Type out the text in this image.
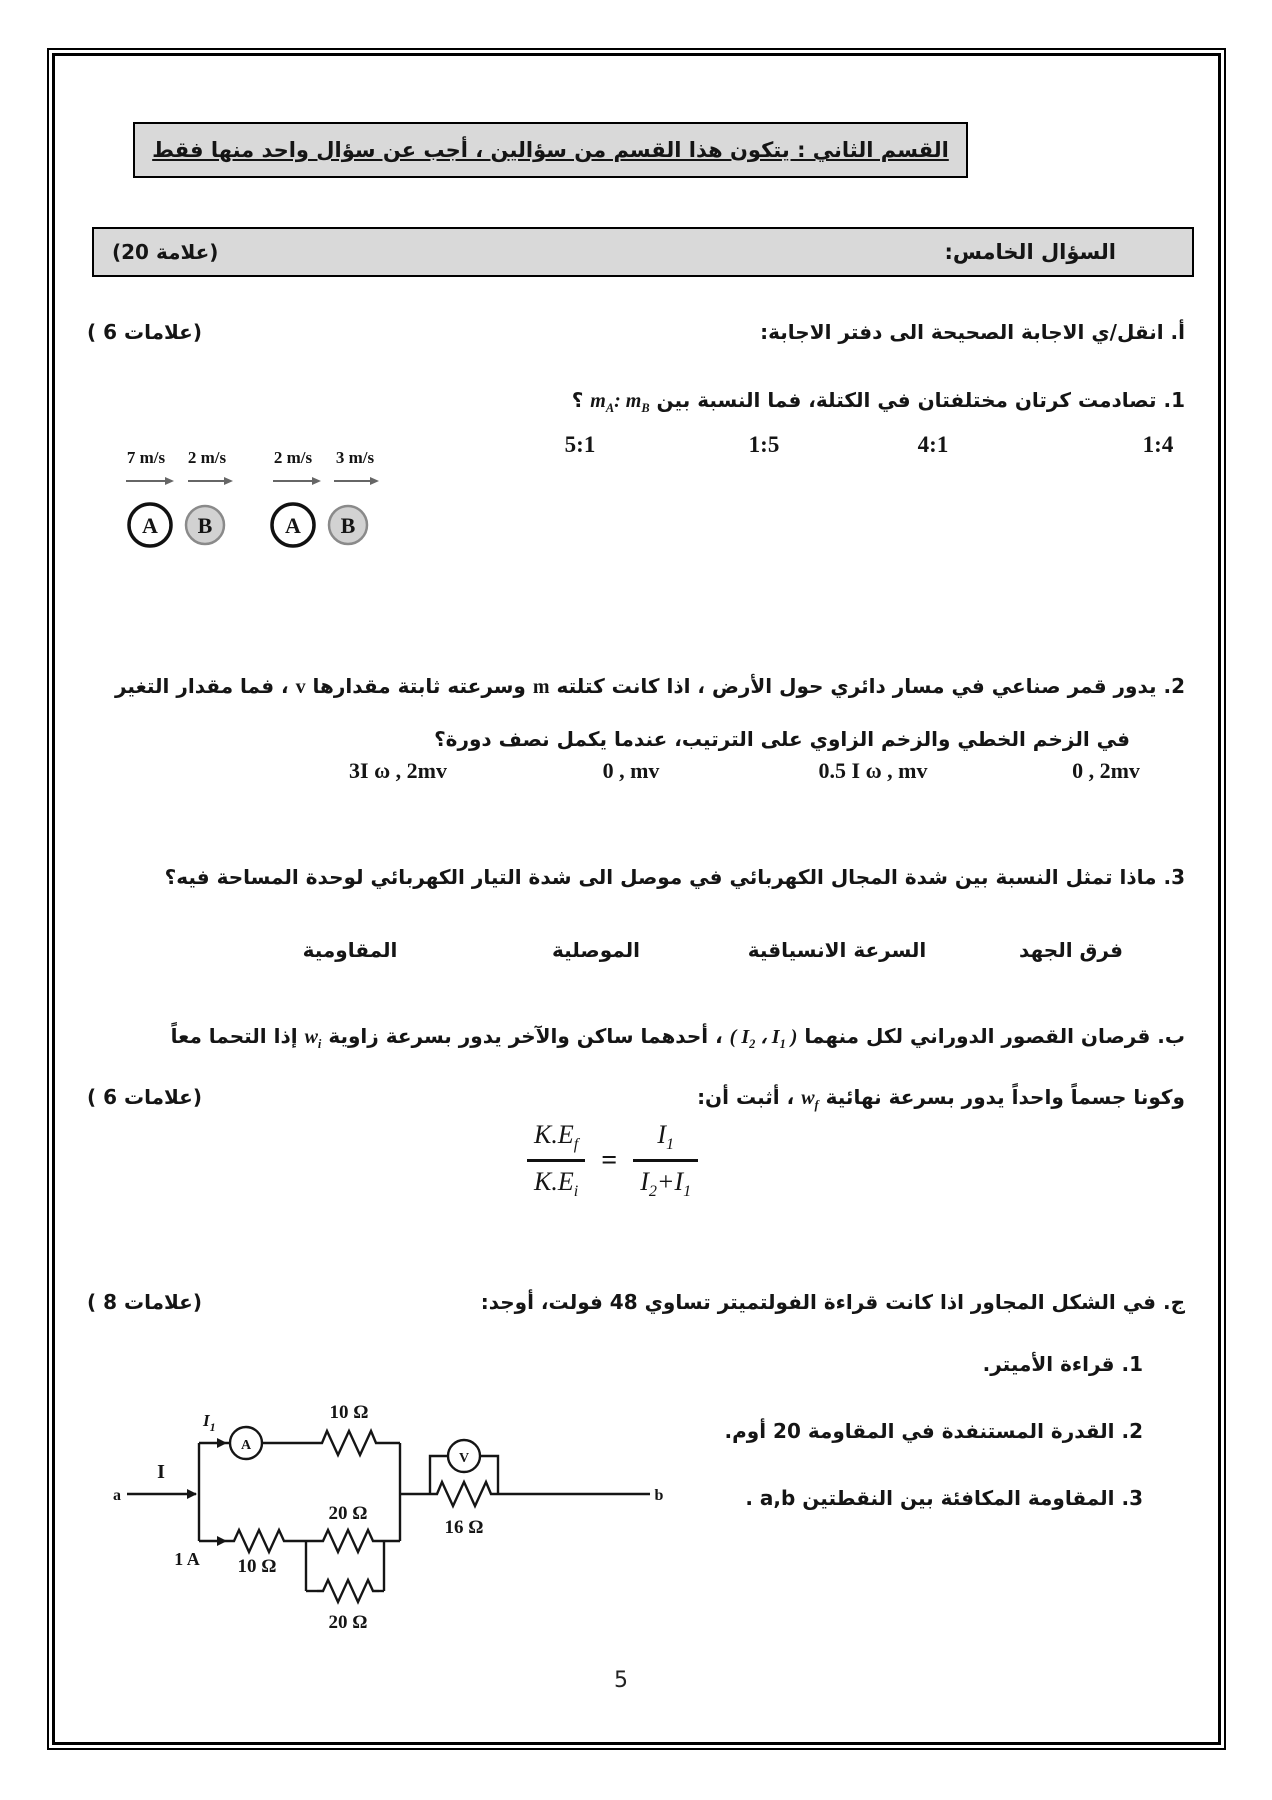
القسم الثاني : يتكون هذا القسم من سؤالين ، أجب عن سؤال واحد منها فقط
السؤال الخامس:
(20 علامة)
أ. انقل/ي الاجابة الصحيحة الى دفتر الاجابة:
( 6 علامات)
1. تصادمت كرتان مختلفتان في الكتلة، فما النسبة بين $m_A$: $m_B$ ؟
5:1	1:5	4:1	1:4
7 m/s 2 m/s	2 m/s 3 m/s
A B	A B
2. يدور قمر صناعي في مسار دائري حول الأرض ، اذا كانت كتلته m وسرعته ثابتة مقدارها v ، فما مقدار التغير
في الزخم الخطي والزخم الزاوي على الترتيب، عندما يكمل نصف دورة؟
3I ω , 2mv	0 , mv	0.5 I ω , mv	0 , 2mv
3. ماذا تمثل النسبة بين شدة المجال الكهربائي في موصل الى شدة التيار الكهربائي لوحدة المساحة فيه؟
فرق الجهد
السرعة الانسياقية
الموصلية
المقاومية
ب. قرصان القصور الدوراني لكل منهما ( $I_2$ ، $I_1$ ) ، أحدهما ساكن والآخر يدور بسرعة زاوية $w_i$ إذا التحما معاً
وكونا جسماً واحداً يدور بسرعة نهائية $w_f$ ، أثبت أن:
( 6 علامات)
$\frac{K.E_f}{K.E_i} = \frac{I_1}{I_2+I_1}$
ج. في الشكل المجاور اذا كانت قراءة الفولتميتر تساوي 48 فولت، أوجد:
( 8 علامات)
1. قراءة الأميتر.
2. القدرة المستنفدة في المقاومة 20 أوم.
3. المقاومة المكافئة بين النقطتين a,b .
a	b
I
A
V
10 Ω
10 Ω
20 Ω
20 Ω
16 Ω
1 A
$I_1$
5
